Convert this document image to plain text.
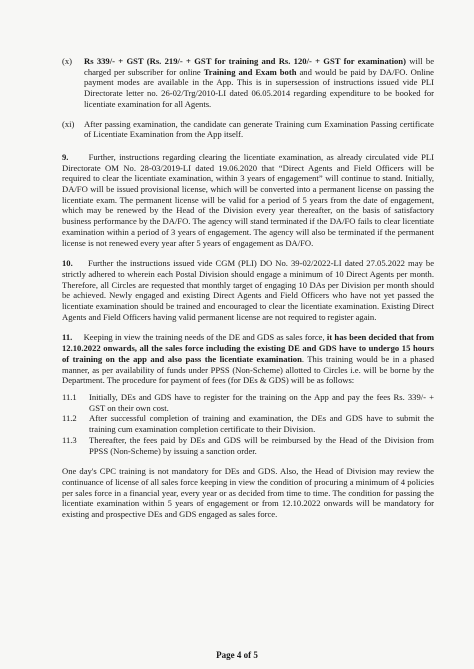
(x)	Rs 339/- + GST (Rs. 219/- + GST for training and Rs. 120/- + GST for examination) will be charged per subscriber for online Training and Exam both and would be paid by DA/FO. Online payment modes are available in the App. This is in supersession of instructions issued vide PLI Directorate letter no. 26-02/Trg/2010-LI dated 06.05.2014 regarding expenditure to be booked for licentiate examination for all Agents.
(xi)	After passing examination, the candidate can generate Training cum Examination Passing certificate of Licentiate Examination from the App itself.

9. Further, instructions regarding clearing the licentiate examination, as already circulated vide PLI Directorate OM No. 28-03/2019-LI dated 19.06.2020 that “Direct Agents and Field Officers will be required to clear the licentiate examination, within 3 years of engagement” will continue to stand. Initially, DA/FO will be issued provisional license, which will be converted into a permanent license on passing the licentiate exam. The permanent license will be valid for a period of 5 years from the date of engagement, which may be renewed by the Head of the Division every year thereafter, on the basis of satisfactory business performance by the DA/FO. The agency will stand terminated if the DA/FO fails to clear licentiate examination within a period of 3 years of engagement. The agency will also be terminated if the permanent license is not renewed every year after 5 years of engagement as DA/FO.

10. Further the instructions issued vide CGM (PLI) DO No. 39-02/2022-LI dated 27.05.2022 may be strictly adhered to wherein each Postal Division should engage a minimum of 10 Direct Agents per month. Therefore, all Circles are requested that monthly target of engaging 10 DAs per Division per month should be achieved. Newly engaged and existing Direct Agents and Field Officers who have not yet passed the licentiate examination should be trained and encouraged to clear the licentiate examination. Existing Direct Agents and Field Officers having valid permanent license are not required to register again.

11. Keeping in view the training needs of the DE and GDS as sales force, it has been decided that from 12.10.2022 onwards, all the sales force including the existing DE and GDS have to undergo 15 hours of training on the app and also pass the licentiate examination. This training would be in a phased manner, as per availability of funds under PPSS (Non-Scheme) allotted to Circles i.e. will be borne by the Department. The procedure for payment of fees (for DEs & GDS) will be as follows:

11.1	Initially, DEs and GDS have to register for the training on the App and pay the fees Rs. 339/- + GST on their own cost.
11.2	After successful completion of training and examination, the DEs and GDS have to submit the training cum examination completion certificate to their Division.
11.3	Thereafter, the fees paid by DEs and GDS will be reimbursed by the Head of the Division from PPSS (Non-Scheme) by issuing a sanction order.

One day's CPC training is not mandatory for DEs and GDS. Also, the Head of Division may review the continuance of license of all sales force keeping in view the condition of procuring a minimum of 4 policies per sales force in a financial year, every year or as decided from time to time. The condition for passing the licentiate examination within 5 years of engagement or from 12.10.2022 onwards will be mandatory for existing and prospective DEs and GDS engaged as sales force.

Page 4 of 5
